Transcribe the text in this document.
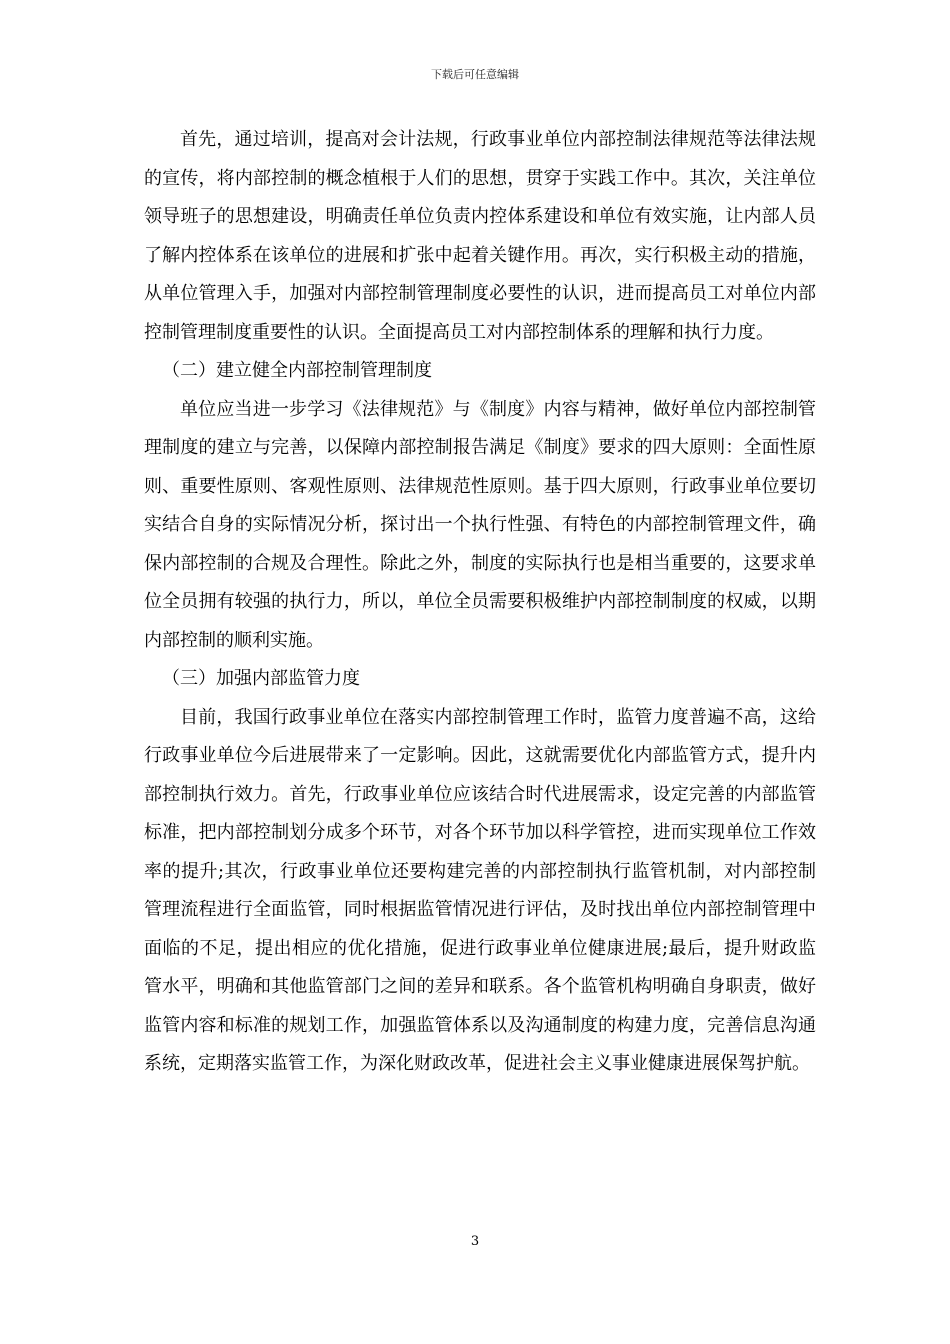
下载后可任意编辑

首先，通过培训，提高对会计法规，行政事业单位内部控制法律规范等法律法规的宣传，将内部控制的概念植根于人们的思想，贯穿于实践工作中。其次，关注单位领导班子的思想建设，明确责任单位负责内控体系建设和单位有效实施，让内部人员了解内控体系在该单位的进展和扩张中起着关键作用。再次，实行积极主动的措施，从单位管理入手，加强对内部控制管理制度必要性的认识，进而提高员工对单位内部控制管理制度重要性的认识。全面提高员工对内部控制体系的理解和执行力度。

（二）建立健全内部控制管理制度

单位应当进一步学习《法律规范》与《制度》内容与精神，做好单位内部控制管理制度的建立与完善，以保障内部控制报告满足《制度》要求的四大原则：全面性原则、重要性原则、客观性原则、法律规范性原则。基于四大原则，行政事业单位要切实结合自身的实际情况分析，探讨出一个执行性强、有特色的内部控制管理文件，确保内部控制的合规及合理性。除此之外，制度的实际执行也是相当重要的，这要求单位全员拥有较强的执行力，所以，单位全员需要积极维护内部控制制度的权威，以期内部控制的顺利实施。

（三）加强内部监管力度

目前，我国行政事业单位在落实内部控制管理工作时，监管力度普遍不高，这给行政事业单位今后进展带来了一定影响。因此，这就需要优化内部监管方式，提升内部控制执行效力。首先，行政事业单位应该结合时代进展需求，设定完善的内部监管标准，把内部控制划分成多个环节，对各个环节加以科学管控，进而实现单位工作效率的提升;其次，行政事业单位还要构建完善的内部控制执行监管机制，对内部控制管理流程进行全面监管，同时根据监管情况进行评估，及时找出单位内部控制管理中面临的不足，提出相应的优化措施，促进行政事业单位健康进展;最后，提升财政监管水平，明确和其他监管部门之间的差异和联系。各个监管机构明确自身职责，做好监管内容和标准的规划工作，加强监管体系以及沟通制度的构建力度，完善信息沟通系统，定期落实监管工作，为深化财政改革，促进社会主义事业健康进展保驾护航。

3
